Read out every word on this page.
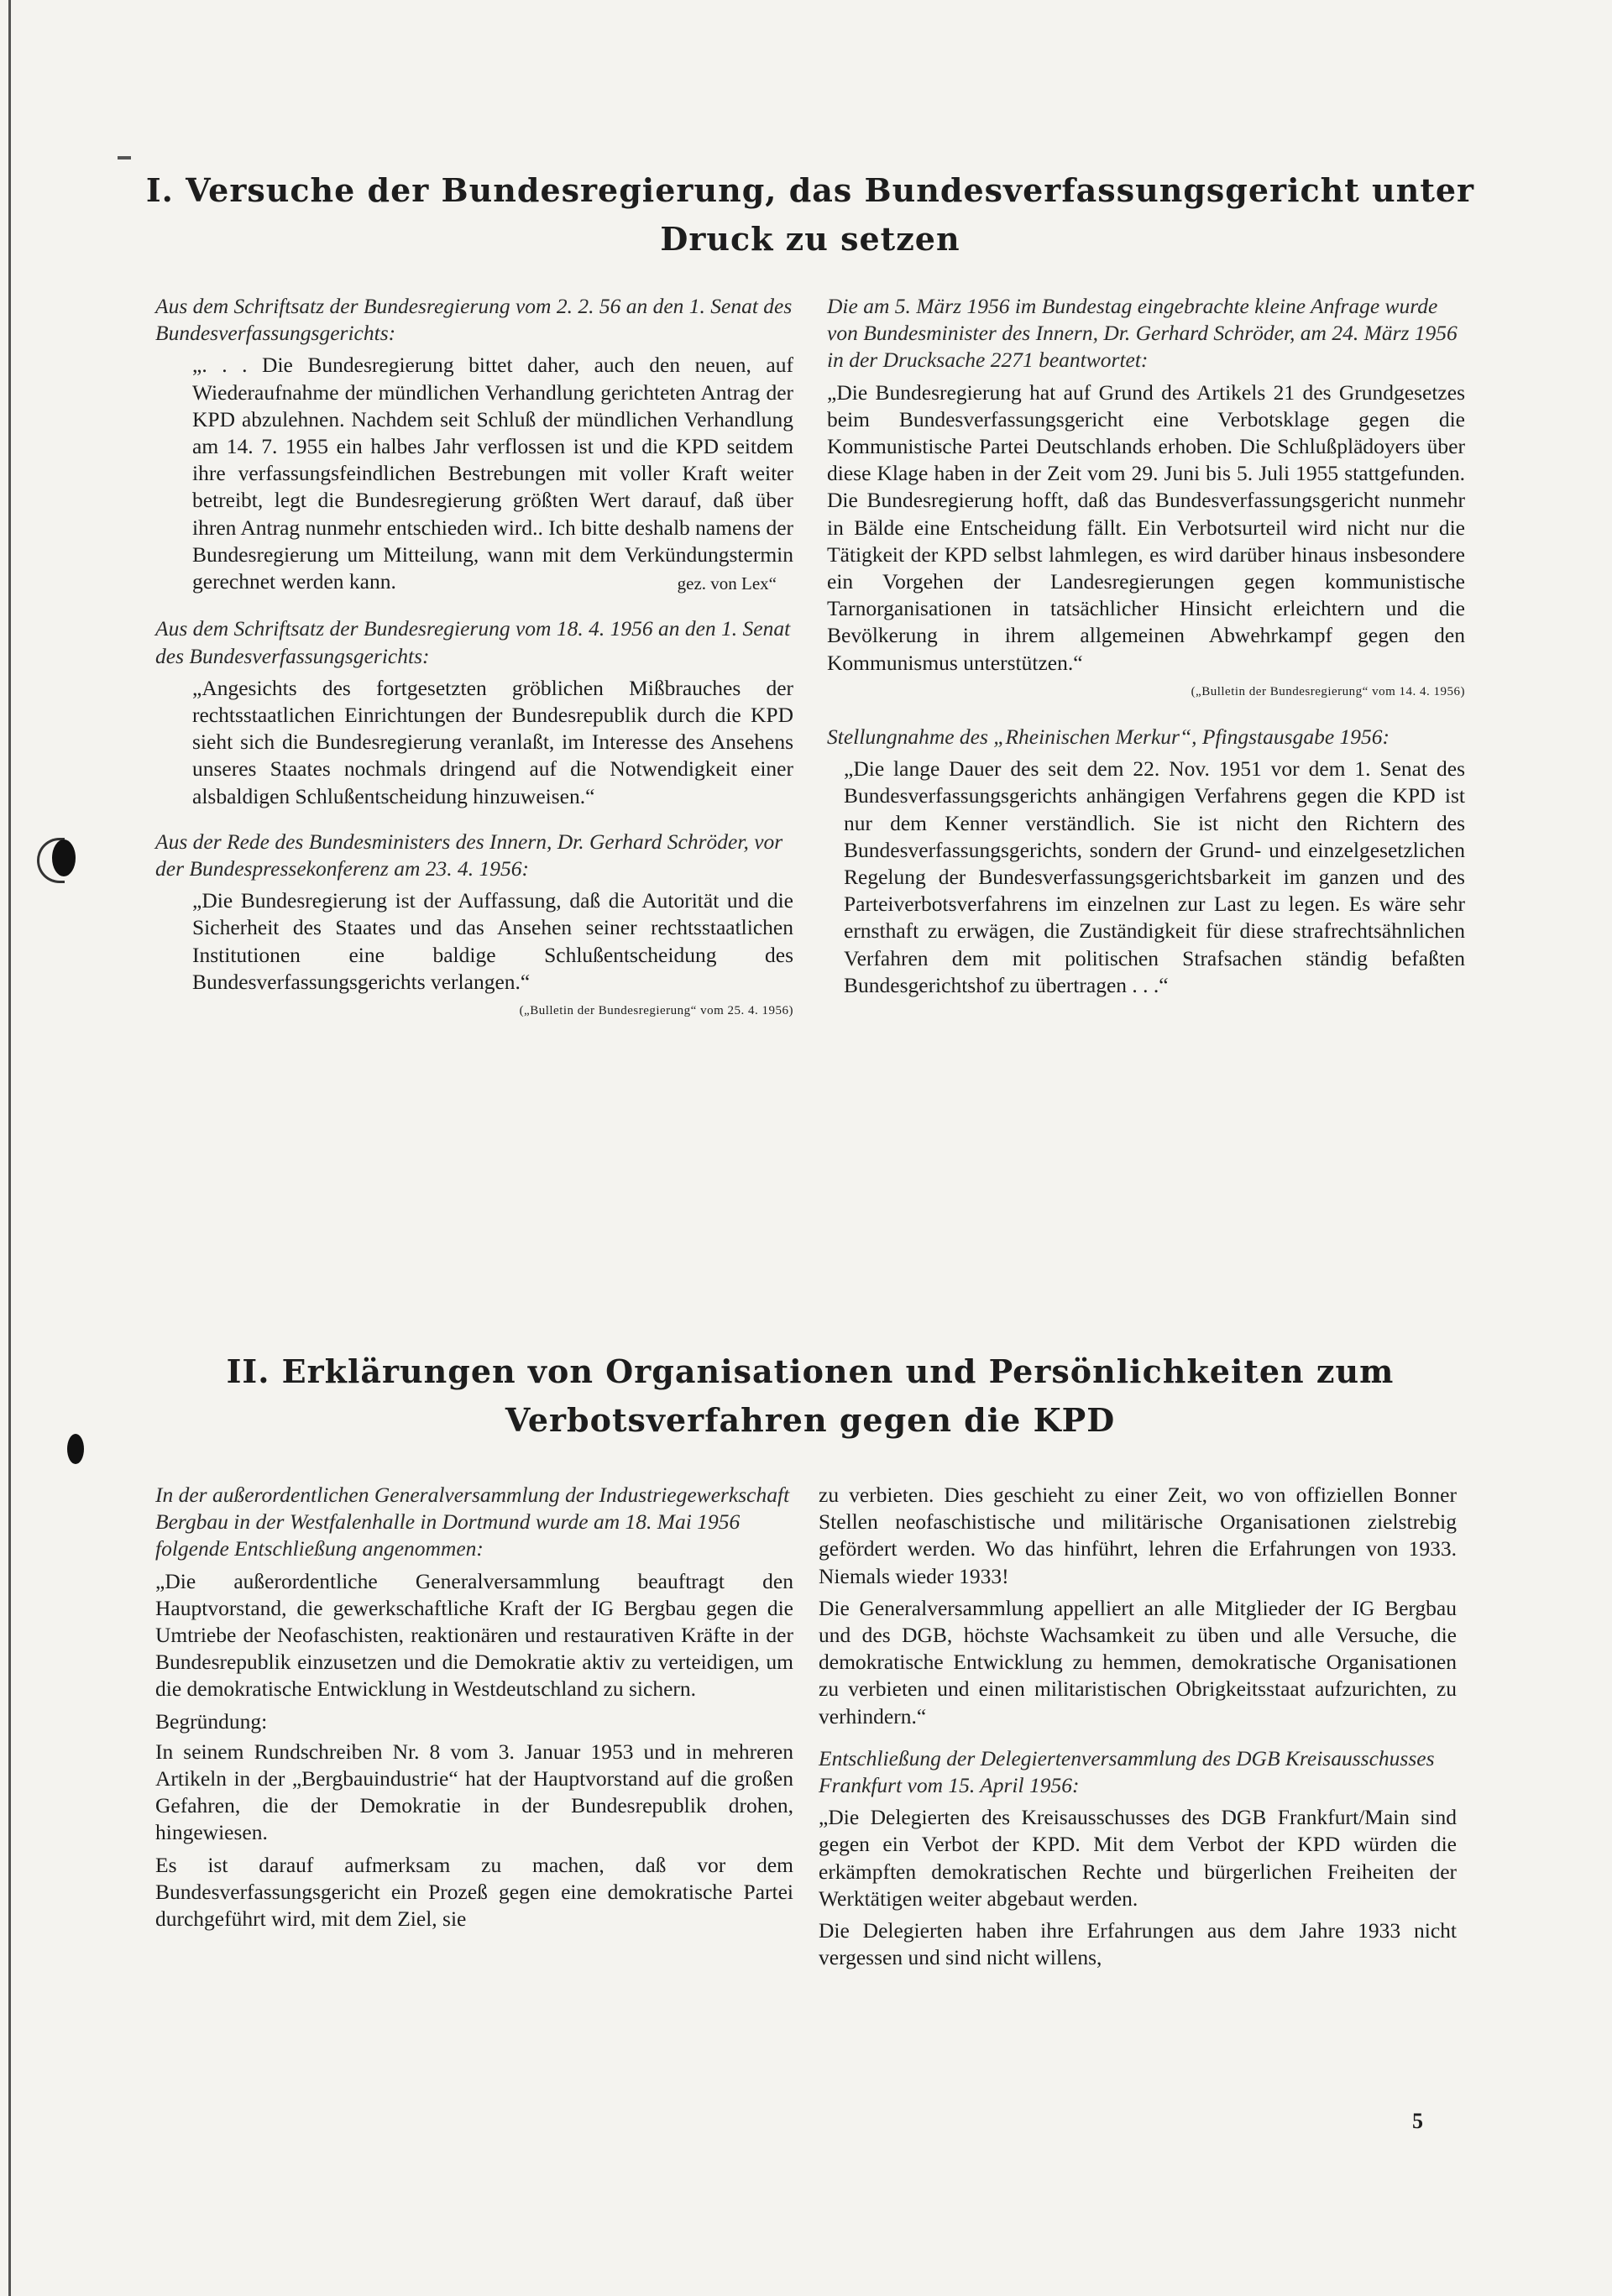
I. Versuche der Bundesregierung, das Bundesverfassungsgericht unter Druck zu setzen

Aus dem Schriftsatz der Bundesregierung vom 2. 2. 56 an den 1. Senat des Bundesverfassungsgerichts:

„. . . Die Bundesregierung bittet daher, auch den neuen, auf Wiederaufnahme der mündlichen Verhandlung gerichteten Antrag der KPD abzulehnen. Nachdem seit Schluß der mündlichen Verhandlung am 14. 7. 1955 ein halbes Jahr verflossen ist und die KPD seitdem ihre verfassungsfeindlichen Bestrebungen mit voller Kraft weiter betreibt, legt die Bundesregierung größten Wert darauf, daß über ihren Antrag nunmehr entschieden wird.. Ich bitte deshalb namens der Bundesregierung um Mitteilung, wann mit dem Verkündungstermin gerechnet werden kann.	gez. von Lex“

Aus dem Schriftsatz der Bundesregierung vom 18. 4. 1956 an den 1. Senat des Bundesverfassungsgerichts:

„Angesichts des fortgesetzten gröblichen Mißbrauches der rechtsstaatlichen Einrichtungen der Bundesrepublik durch die KPD sieht sich die Bundesregierung veranlaßt, im Interesse des Ansehens unseres Staates nochmals dringend auf die Notwendigkeit einer alsbaldigen Schlußentscheidung hinzuweisen.“

Aus der Rede des Bundesministers des Innern, Dr. Gerhard Schröder, vor der Bundespressekonferenz am 23. 4. 1956:

„Die Bundesregierung ist der Auffassung, daß die Autorität und die Sicherheit des Staates und das Ansehen seiner rechtsstaatlichen Institutionen eine baldige Schlußentscheidung des Bundesverfassungsgerichts verlangen.“

(„Bulletin der Bundesregierung“ vom 25. 4. 1956)

Die am 5. März 1956 im Bundestag eingebrachte kleine Anfrage wurde von Bundesminister des Innern, Dr. Gerhard Schröder, am 24. März 1956 in der Drucksache 2271 beantwortet:

„Die Bundesregierung hat auf Grund des Artikels 21 des Grundgesetzes beim Bundesverfassungsgericht eine Verbotsklage gegen die Kommunistische Partei Deutschlands erhoben. Die Schlußplädoyers über diese Klage haben in der Zeit vom 29. Juni bis 5. Juli 1955 stattgefunden. Die Bundesregierung hofft, daß das Bundesverfassungsgericht nunmehr in Bälde eine Entscheidung fällt. Ein Verbotsurteil wird nicht nur die Tätigkeit der KPD selbst lahmlegen, es wird darüber hinaus insbesondere ein Vorgehen der Landesregierungen gegen kommunistische Tarnorganisationen in tatsächlicher Hinsicht erleichtern und die Bevölkerung in ihrem allgemeinen Abwehrkampf gegen den Kommunismus unterstützen.“

(„Bulletin der Bundesregierung“ vom 14. 4. 1956)

Stellungnahme des „Rheinischen Merkur“, Pfingstausgabe 1956:

„Die lange Dauer des seit dem 22. Nov. 1951 vor dem 1. Senat des Bundesverfassungsgerichts anhängigen Verfahrens gegen die KPD ist nur dem Kenner verständlich. Sie ist nicht den Richtern des Bundesverfassungsgerichts, sondern der Grund- und einzelgesetzlichen Regelung der Bundesverfassungsgerichtsbarkeit im ganzen und des Parteiverbotsverfahrens im einzelnen zur Last zu legen. Es wäre sehr ernsthaft zu erwägen, die Zuständigkeit für diese strafrechtsähnlichen Verfahren dem mit politischen Strafsachen ständig befaßten Bundesgerichtshof zu übertragen . . .“

II. Erklärungen von Organisationen und Persönlichkeiten zum Verbotsverfahren gegen die KPD

In der außerordentlichen Generalversammlung der Industriegewerkschaft Bergbau in der Westfalenhalle in Dortmund wurde am 18. Mai 1956 folgende Entschließung angenommen:

„Die außerordentliche Generalversammlung beauftragt den Hauptvorstand, die gewerkschaftliche Kraft der IG Bergbau gegen die Umtriebe der Neofaschisten, reaktionären und restaurativen Kräfte in der Bundesrepublik einzusetzen und die Demokratie aktiv zu verteidigen, um die demokratische Entwicklung in Westdeutschland zu sichern.

Begründung:

In seinem Rundschreiben Nr. 8 vom 3. Januar 1953 und in mehreren Artikeln in der „Bergbauindustrie“ hat der Hauptvorstand auf die großen Gefahren, die der Demokratie in der Bundesrepublik drohen, hingewiesen.

Es ist darauf aufmerksam zu machen, daß vor dem Bundesverfassungsgericht ein Prozeß gegen eine demokratische Partei durchgeführt wird, mit dem Ziel, sie

zu verbieten. Dies geschieht zu einer Zeit, wo von offiziellen Bonner Stellen neofaschistische und militärische Organisationen zielstrebig gefördert werden. Wo das hinführt, lehren die Erfahrungen von 1933. Niemals wieder 1933!

Die Generalversammlung appelliert an alle Mitglieder der IG Bergbau und des DGB, höchste Wachsamkeit zu üben und alle Versuche, die demokratische Entwicklung zu hemmen, demokratische Organisationen zu verbieten und einen militaristischen Obrigkeitsstaat aufzurichten, zu verhindern.“

Entschließung der Delegiertenversammlung des DGB Kreisausschusses Frankfurt vom 15. April 1956:

„Die Delegierten des Kreisausschusses des DGB Frankfurt/Main sind gegen ein Verbot der KPD. Mit dem Verbot der KPD würden die erkämpften demokratischen Rechte und bürgerlichen Freiheiten der Werktätigen weiter abgebaut werden.

Die Delegierten haben ihre Erfahrungen aus dem Jahre 1933 nicht vergessen und sind nicht willens,

5
